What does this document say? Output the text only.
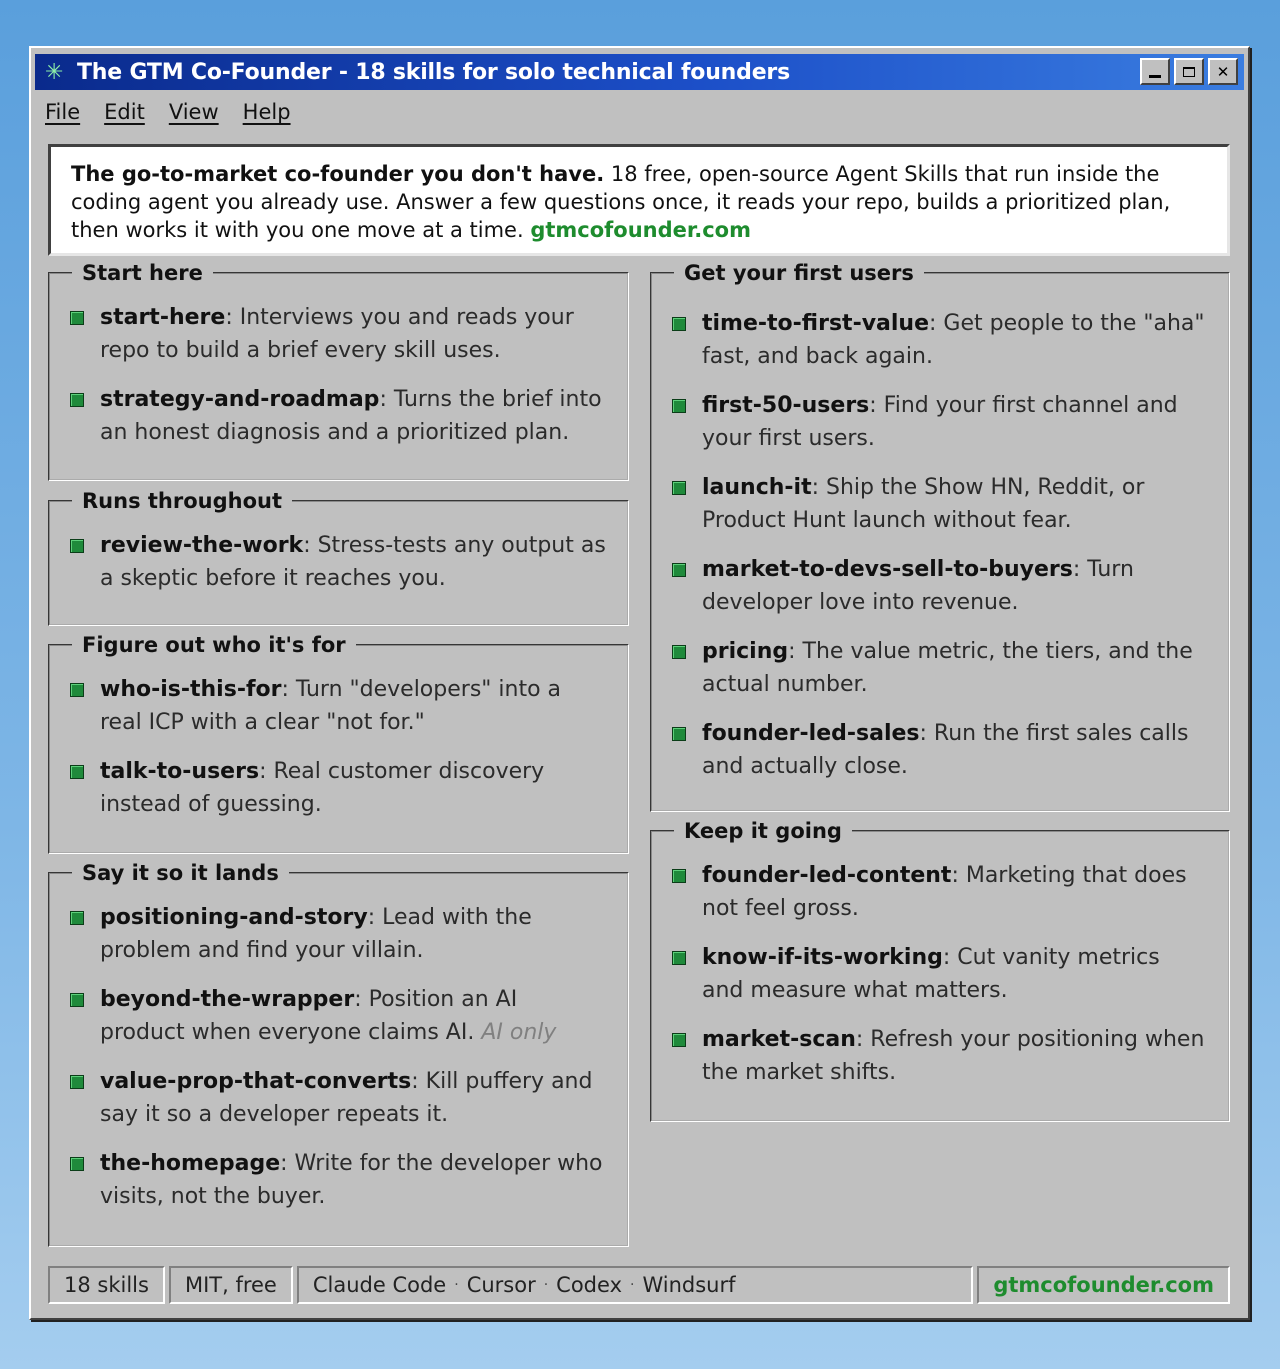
✳ The GTM Co-Founder - 18 skills for solo technical founders	✕
File Edit View Help
The go-to-market co-founder you don't have. 18 free, open-source Agent Skills that run inside the coding agent you already use. Answer a few questions once, it reads your repo, builds a prioritized plan, then works it with you one move at a time. gtmcofounder.com
Start here
start-here: Interviews you and reads your repo to build a brief every skill uses.
strategy-and-roadmap: Turns the brief into an honest diagnosis and a prioritized plan.
Runs throughout
review-the-work: Stress-tests any output as a skeptic before it reaches you.
Figure out who it's for
who-is-this-for: Turn "developers" into a real ICP with a clear "not for."
talk-to-users: Real customer discovery instead of guessing.
Say it so it lands
positioning-and-story: Lead with the problem and find your villain.
beyond-the-wrapper: Position an AI product when everyone claims AI. AI only
value-prop-that-converts: Kill puffery and say it so a developer repeats it.
the-homepage: Write for the developer who visits, not the buyer.
Get your first users
time-to-first-value: Get people to the "aha" fast, and back again.
first-50-users: Find your first channel and your first users.
launch-it: Ship the Show HN, Reddit, or Product Hunt launch without fear.
market-to-devs-sell-to-buyers: Turn developer love into revenue.
pricing: The value metric, the tiers, and the actual number.
founder-led-sales: Run the first sales calls and actually close.
Keep it going
founder-led-content: Marketing that does not feel gross.
know-if-its-working: Cut vanity metrics and measure what matters.
market-scan: Refresh your positioning when the market shifts.
18 skills	MIT, free	Claude Code · Cursor · Codex · Windsurf	gtmcofounder.com
